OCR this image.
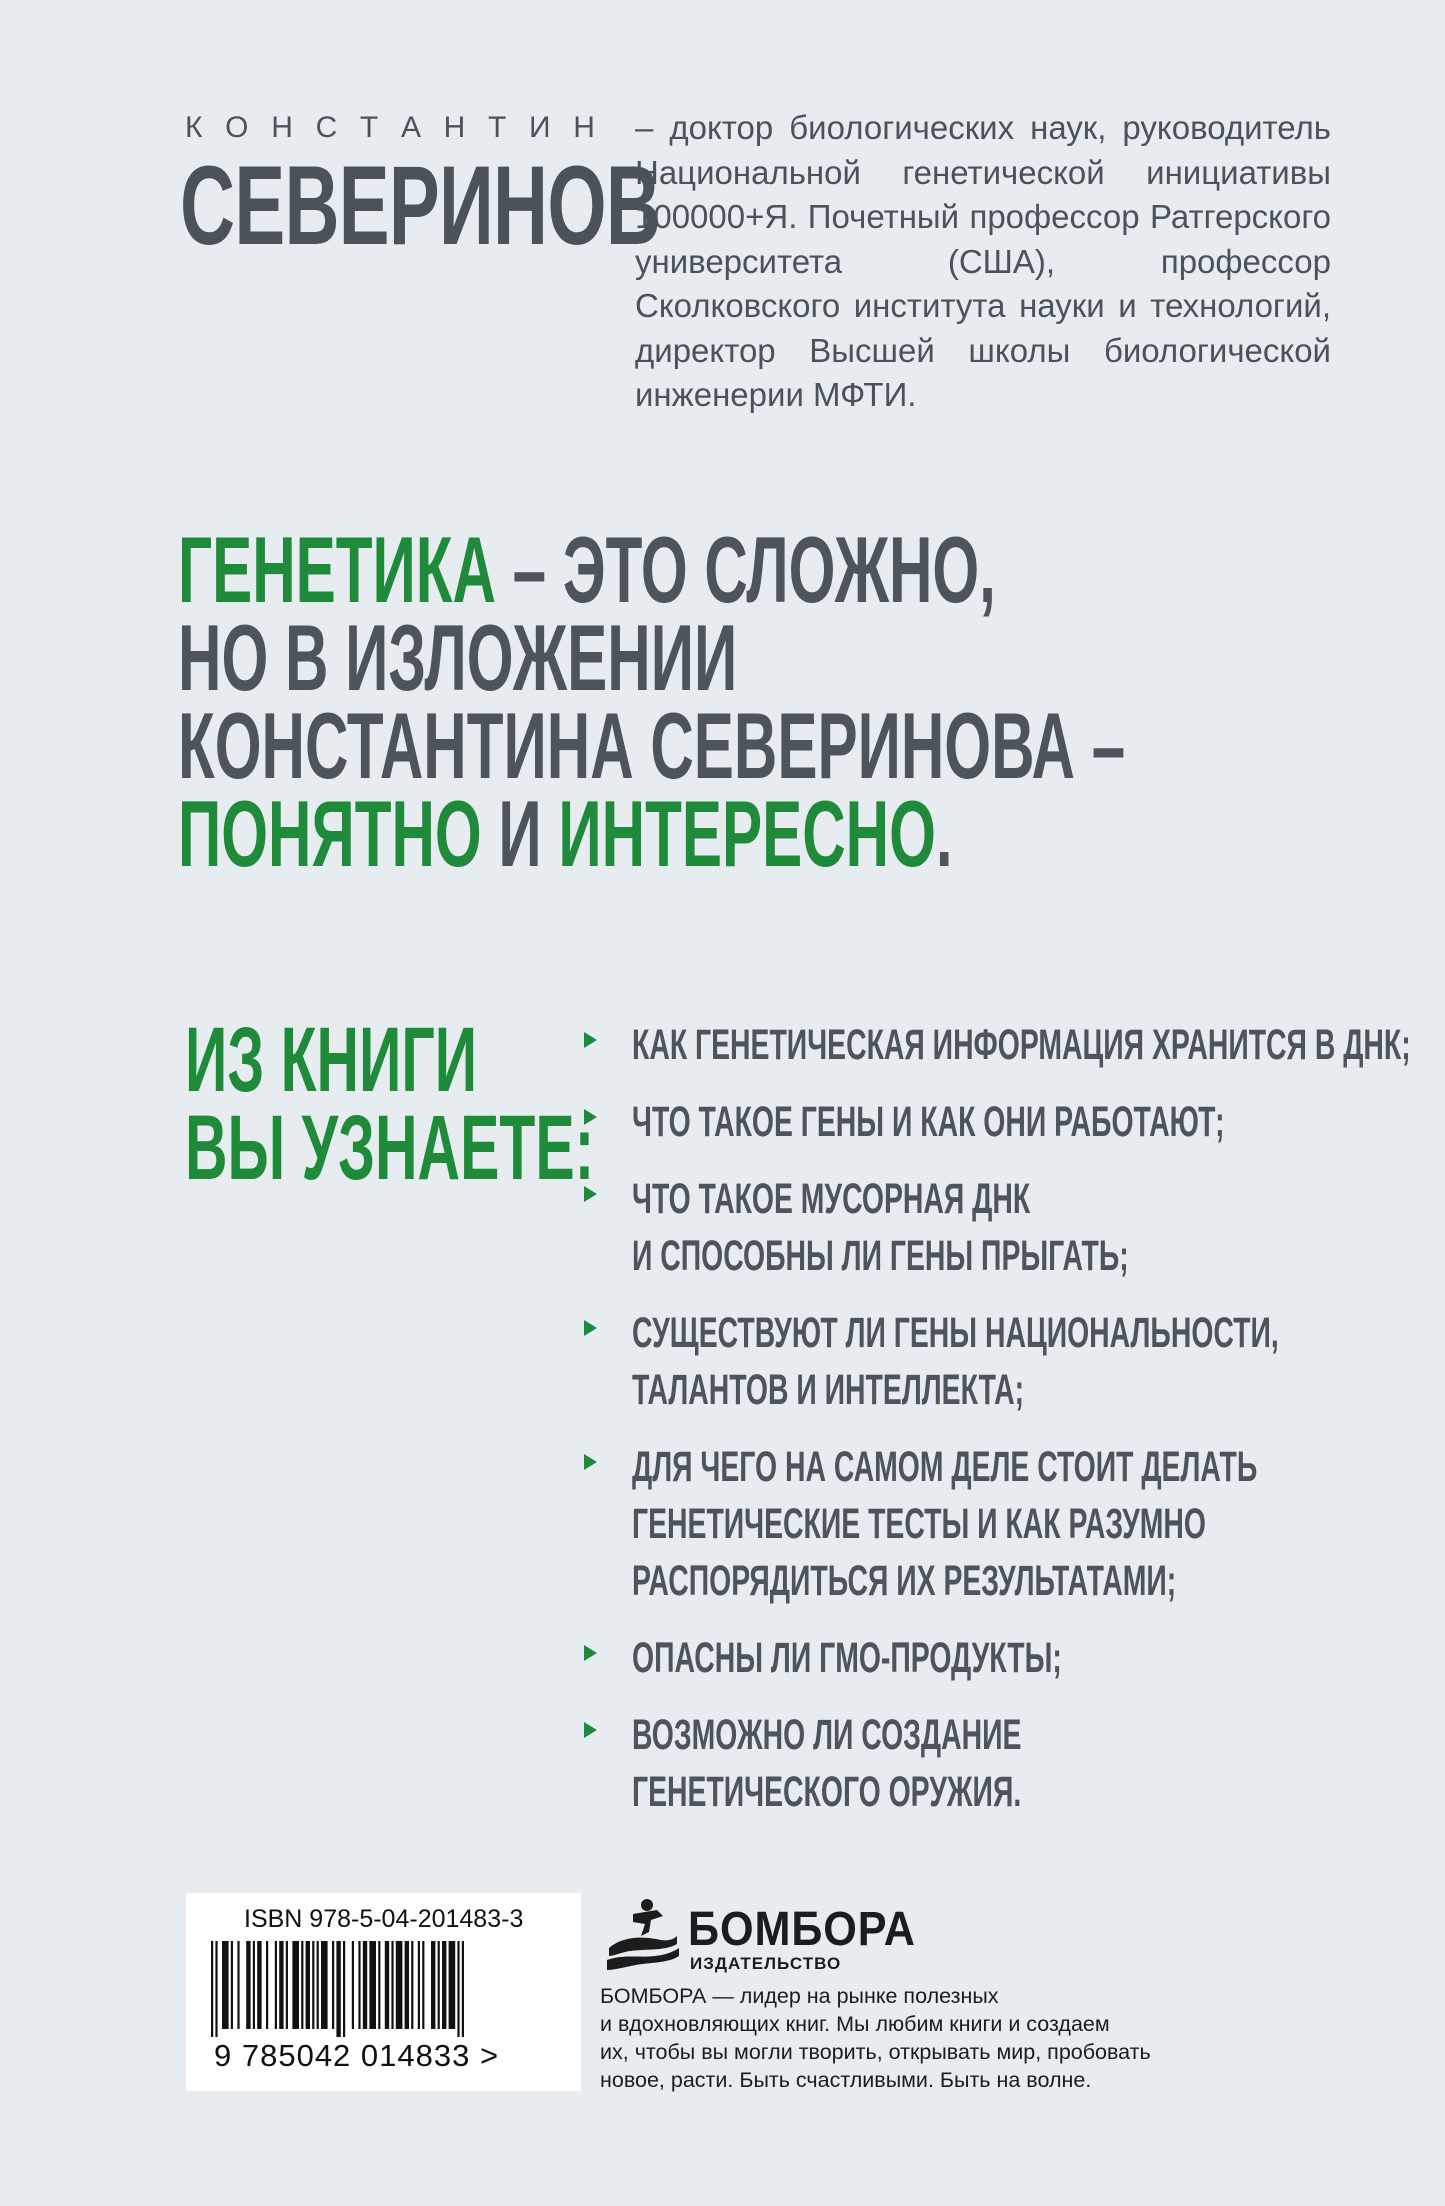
К О Н С Т А Н Т И Н
СЕВЕРИНОВ
– доктор биологических наук, руководитель Национальной генетической инициативы 100000+Я. Почетный профессор Ратгерского университета (США), профессор Сколковского института науки и технологий, директор Высшей школы биологической инженерии МФТИ.
ГЕНЕТИКА – ЭТО СЛОЖНО,
НО В ИЗЛОЖЕНИИ
КОНСТАНТИНА СЕВЕРИНОВА –
ПОНЯТНО И ИНТЕРЕСНО.
ИЗ КНИГИ
ВЫ УЗНАЕТЕ:
КАК ГЕНЕТИЧЕСКАЯ ИНФОРМАЦИЯ ХРАНИТСЯ В ДНК;
ЧТО ТАКОЕ ГЕНЫ И КАК ОНИ РАБОТАЮТ;
ЧТО ТАКОЕ МУСОРНАЯ ДНК
И СПОСОБНЫ ЛИ ГЕНЫ ПРЫГАТЬ;
СУЩЕСТВУЮТ ЛИ ГЕНЫ НАЦИОНАЛЬНОСТИ,
ТАЛАНТОВ И ИНТЕЛЛЕКТА;
ДЛЯ ЧЕГО НА САМОМ ДЕЛЕ СТОИТ ДЕЛАТЬ
ГЕНЕТИЧЕСКИЕ ТЕСТЫ И КАК РАЗУМНО
РАСПОРЯДИТЬСЯ ИХ РЕЗУЛЬТАТАМИ;
ОПАСНЫ ЛИ ГМО-ПРОДУКТЫ;
ВОЗМОЖНО ЛИ СОЗДАНИЕ
ГЕНЕТИЧЕСКОГО ОРУЖИЯ.
ISBN 978-5-04-201483-3
9 785042 014833 >
БОМБОРА
ИЗДАТЕЛЬСТВО
БОМБОРА — лидер на рынке полезных
и вдохновляющих книг. Мы любим книги и создаем
их, чтобы вы могли творить, открывать мир, пробовать
новое, расти. Быть счастливыми. Быть на волне.
